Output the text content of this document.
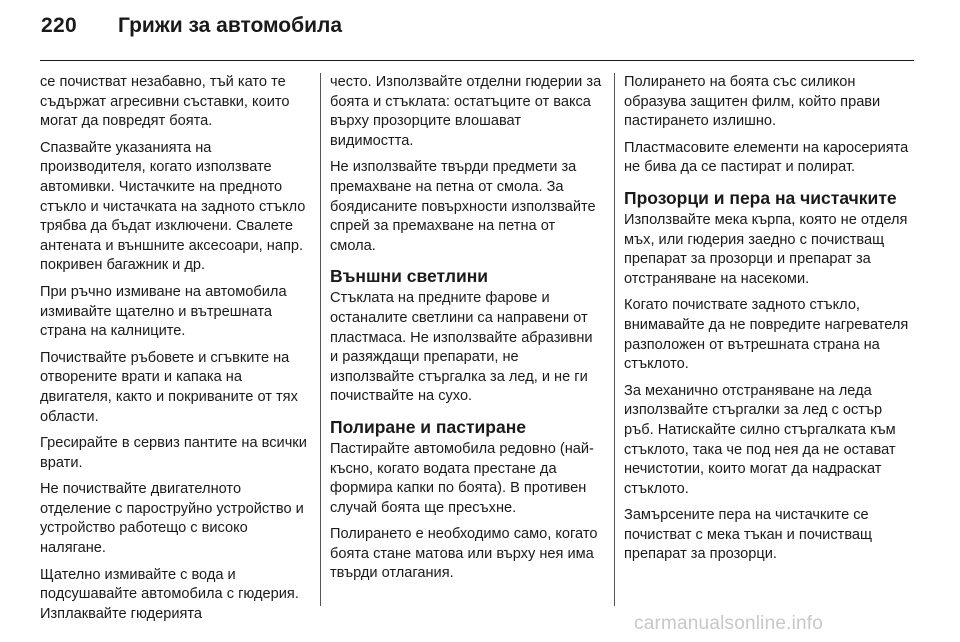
220 Грижи за автомобила

се почистват незабавно, тъй като те съдържат агресивни съставки, които могат да повредят боята.

Спазвайте указанията на производителя, когато използвате автомивки. Чистачките на предното стъкло и чистачката на задното стъкло трябва да бъдат изключени. Свалете антената и външните аксесоари, напр. покривен багажник и др.

При ръчно измиване на автомобила измивайте щателно и вътрешната страна на калниците.

Почиствайте ръбовете и сгъвките на отворените врати и капака на двигателя, както и покриваните от тях области.

Гресирайте в сервиз пантите на всички врати.

Не почиствайте двигателното отделение с пароструйно устройство и устройство работещо с високо налягане.

Щателно измивайте с вода и подсушавайте автомобила с гюдерия. Изплаквайте гюдерията

често. Използвайте отделни гюдерии за боята и стъклата: остатъците от вакса върху прозорците влошават видимостта.

Не използвайте твърди предмети за премахване на петна от смола. За боядисаните повърхности използвайте спрей за премахване на петна от смола.

Външни светлини

Стъклата на предните фарове и останалите светлини са направени от пластмаса. Не използвайте абразивни и разяждащи препарати, не използвайте стъргалка за лед, и не ги почиствайте на сухо.

Полиране и пастиране

Пастирайте автомобила редовно (най-късно, когато водата престане да формира капки по боята). В противен случай боята ще пресъхне.

Полирането е необходимо само, когато боята стане матова или върху нея има твърди отлагания.

Полирането на боята със силикон образува защитен филм, който прави пастирането излишно.

Пластмасовите елементи на каросерията не бива да се пастират и полират.

Прозорци и пера на чистачките

Използвайте мека кърпа, която не отделя мъх, или гюдерия заедно с почистващ препарат за прозорци и препарат за отстраняване на насекоми.

Когато почиствате задното стъкло, внимавайте да не повредите нагревателя разположен от вътрешната страна на стъклото.

За механично отстраняване на леда използвайте стъргалки за лед с остър ръб. Натискайте силно стъргалката към стъклото, така че под нея да не остават нечистотии, които могат да надраскат стъклото.

Замърсените пера на чистачките се почистват с мека тъкан и почистващ препарат за прозорци.

carmanualsonline.info
